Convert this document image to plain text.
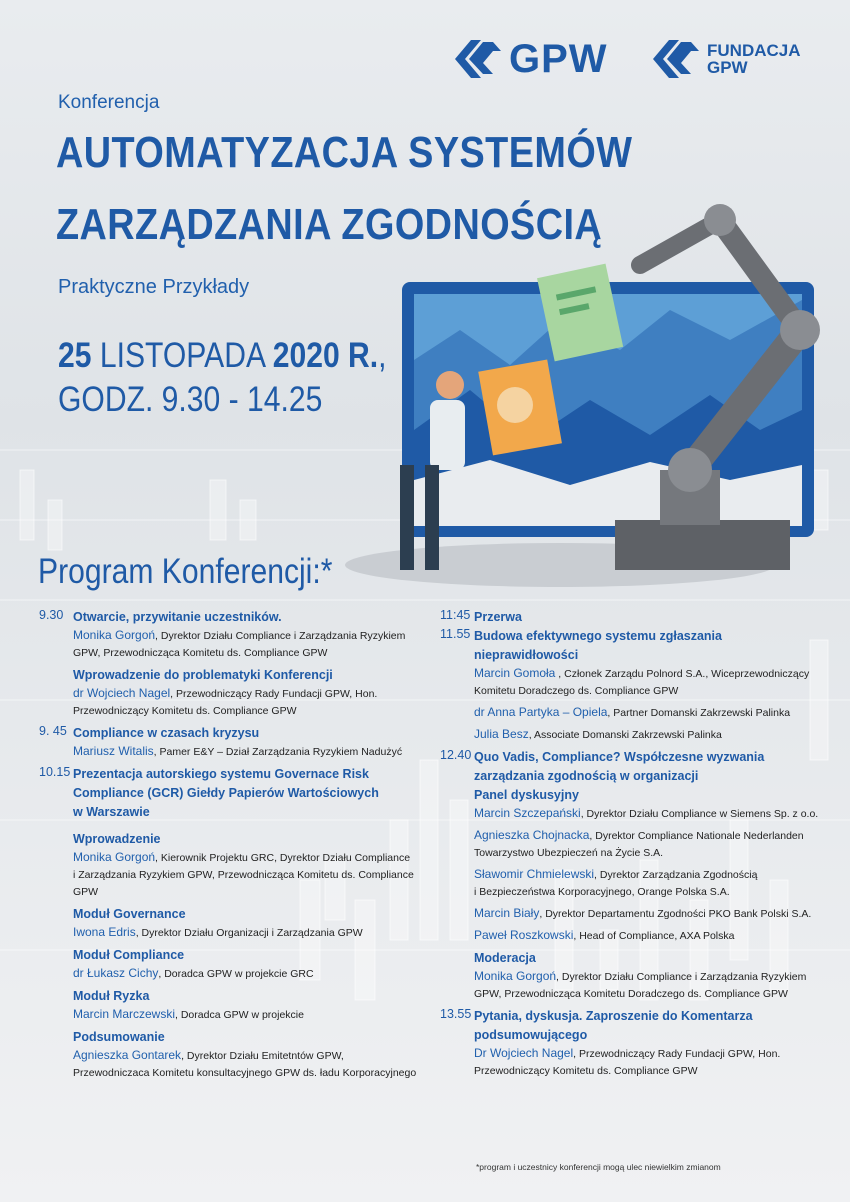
GPW	FUNDACJA
GPW
Konferencja
AUTOMATYZACJA SYSTEMÓW
ZARZĄDZANIA ZGODNOŚCIĄ
Praktyczne Przykłady
25 LISTOPADA 2020 R.,
GODZ. 9.30 - 14.25
Program Konferencji:*
9.30 Otwarcie, przywitanie uczestników.
Monika Gorgoń, Dyrektor Działu Compliance i Zarządzania Ryzykiem
GPW, Przewodnicząca Komitetu ds. Compliance GPW
Wprowadzenie do problematyki Konferencji
dr Wojciech Nagel, Przewodniczący Rady Fundacji GPW, Hon.
Przewodniczący Komitetu ds. Compliance GPW
9. 45 Compliance w czasach kryzysu
Mariusz Witalis, Pamer E&Y – Dział Zarządzania Ryzykiem Nadużyć
10.15 Prezentacja autorskiego systemu Governace Risk
Compliance (GCR) Giełdy Papierów Wartościowych
w Warszawie
Wprowadzenie
Monika Gorgoń, Kierownik Projektu GRC, Dyrektor Działu Compliance
i Zarządzania Ryzykiem GPW, Przewodnicząca Komitetu ds. Compliance GPW
Moduł Governance
Iwona Edris, Dyrektor Działu Organizacji i Zarządzania GPW
Moduł Compliance
dr Łukasz Cichy, Doradca GPW w projekcie GRC
Moduł Ryzka
Marcin Marczewski, Doradca GPW w projekcie
Podsumowanie
Agnieszka Gontarek, Dyrektor Działu Emitetntów GPW,
Przewodniczaca Komitetu konsultacyjnego GPW ds. ładu Korporacyjnego
11:45 Przerwa
11.55 Budowa efektywnego systemu zgłaszania
nieprawidłowości
Marcin Gomoła , Członek Zarządu Polnord S.A., Wiceprzewodniczący
Komitetu Doradczego ds. Compliance GPW
dr Anna Partyka – Opiela, Partner Domanski Zakrzewski Palinka
Julia Besz, Associate Domanski Zakrzewski Palinka
12.40 Quo Vadis, Compliance? Współczesne wyzwania
zarządzania zgodnością w organizacji
Panel dyskusyjny
Marcin Szczepański, Dyrektor Działu Compliance w Siemens Sp. z o.o.
Agnieszka Chojnacka, Dyrektor Compliance Nationale Nederlanden
Towarzystwo Ubezpieczeń na Życie S.A.
Sławomir Chmielewski, Dyrektor Zarządzania Zgodnością
i Bezpieczeństwa Korporacyjnego, Orange Polska S.A.
Marcin Biały, Dyrektor Departamentu Zgodności PKO Bank Polski S.A.
Paweł Roszkowski, Head of Compliance, AXA Polska
Moderacja
Monika Gorgoń, Dyrektor Działu Compliance i Zarządzania Ryzykiem
GPW, Przewodnicząca Komitetu Doradczego ds. Compliance GPW
13.55 Pytania, dyskusja. Zaproszenie do Komentarza
podsumowującego
Dr Wojciech Nagel, Przewodniczący Rady Fundacji GPW, Hon.
Przewodniczący Komitetu ds. Compliance GPW
*program i uczestnicy konferencji mogą ulec niewielkim zmianom
